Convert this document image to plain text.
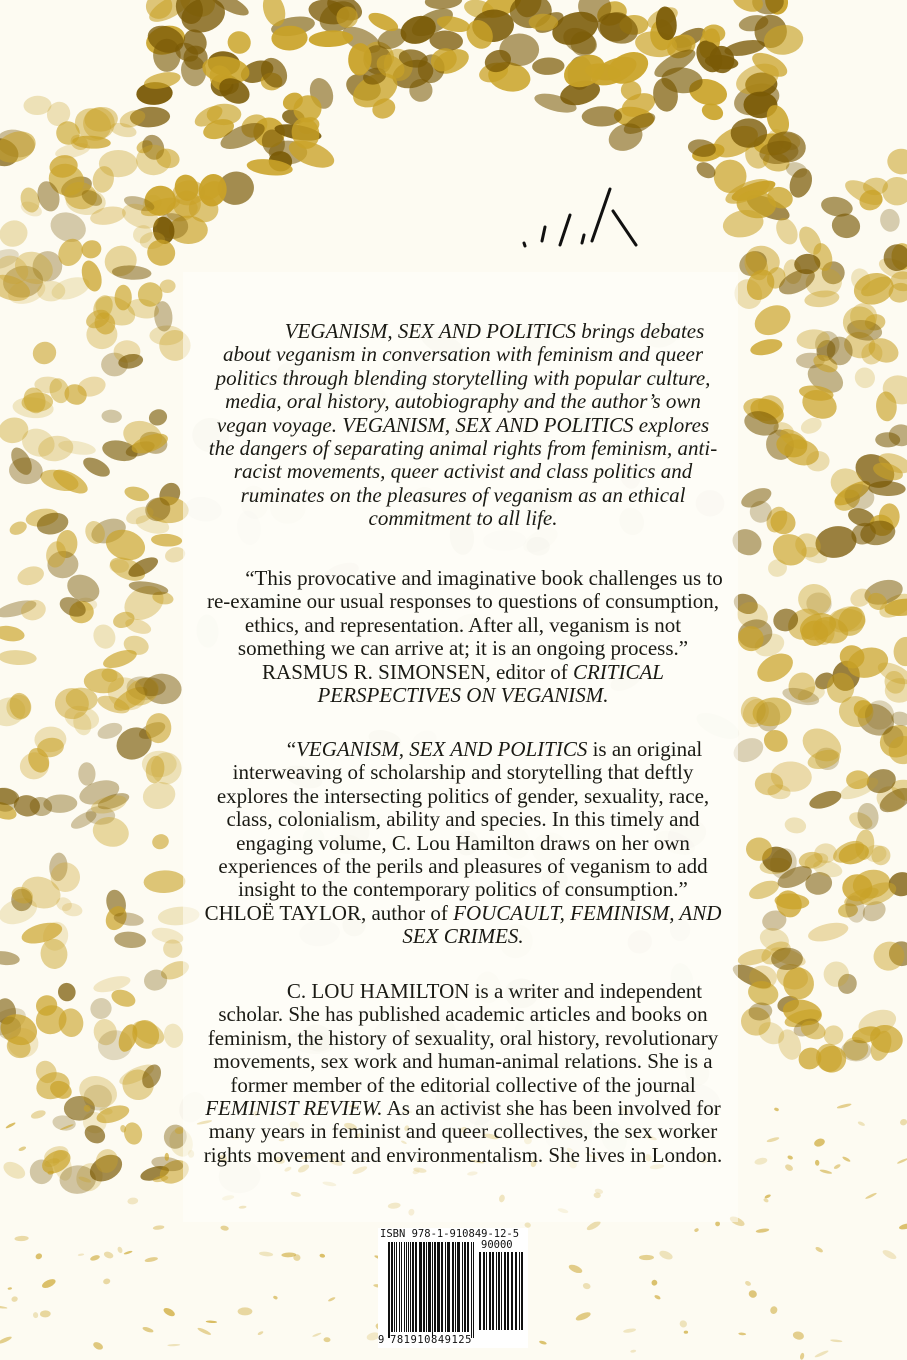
   VEGANISM, SEX AND POLITICS brings debates about veganism in conversation with feminism and queer politics through blending storytelling with popular culture, media, oral history, autobiography and the author’s own vegan voyage. VEGANISM, SEX AND POLITICS explores the dangers of separating animal rights from feminism, anti-racist movements, queer activist and class politics and ruminates on the pleasures of veganism as an ethical commitment to all life.

  “This provocative and imaginative book challenges us to re-examine our usual responses to questions of consumption, ethics, and representation. After all, veganism is not something we can arrive at; it is an ongoing process.” RASMUS R. SIMONSEN, editor of CRITICAL PERSPECTIVES ON VEGANISM.

   “VEGANISM, SEX AND POLITICS is an original interweaving of scholarship and storytelling that deftly explores the intersecting politics of gender, sexuality, race, class, colonialism, ability and species. In this timely and engaging volume, C. Lou Hamilton draws on her own experiences of the perils and pleasures of veganism to add insight to the contemporary politics of consumption.” CHLOË TAYLOR, author of FOUCAULT, FEMINISM, AND SEX CRIMES.

   C. LOU HAMILTON is a writer and independent scholar. She has published academic articles and books on feminism, the history of sexuality, oral history, revolutionary movements, sex work and human-animal relations. She is a former member of the editorial collective of the journal FEMINIST REVIEW. As an activist she has been involved for many years in feminist and queer collectives, the sex worker rights movement and environmentalism. She lives in London.

ISBN 978-1-910849-12-5
90000
9 781910 849125
